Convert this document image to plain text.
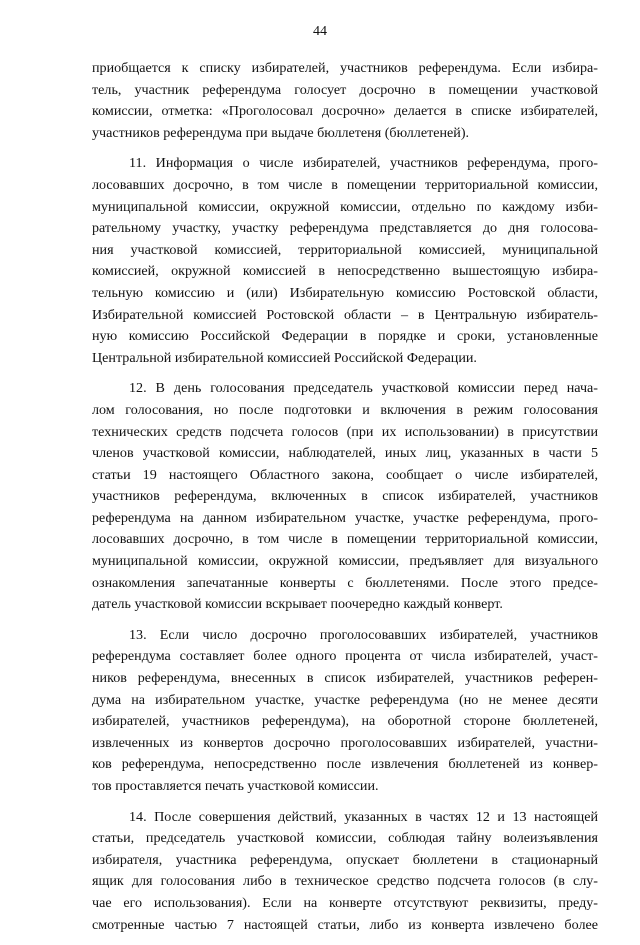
44

приобщается к списку избирателей, участников референдума. Если избира-
тель, участник референдума голосует досрочно в помещении участковой
комиссии, отметка: «Проголосовал досрочно» делается в списке избирателей,
участников референдума при выдаче бюллетеня (бюллетеней).

11. Информация о числе избирателей, участников референдума, прого-
лосовавших досрочно, в том числе в помещении территориальной комиссии,
муниципальной комиссии, окружной комиссии, отдельно по каждому изби-
рательному участку, участку референдума представляется до дня голосова-
ния участковой комиссией, территориальной комиссией, муниципальной
комиссией, окружной комиссией в непосредственно вышестоящую избира-
тельную комиссию и (или) Избирательную комиссию Ростовской области,
Избирательной комиссией Ростовской области – в Центральную избиратель-
ную комиссию Российской Федерации в порядке и сроки, установленные
Центральной избирательной комиссией Российской Федерации.

12. В день голосования председатель участковой комиссии перед нача-
лом голосования, но после подготовки и включения в режим голосования
технических средств подсчета голосов (при их использовании) в присутствии
членов участковой комиссии, наблюдателей, иных лиц, указанных в части 5
статьи 19 настоящего Областного закона, сообщает о числе избирателей,
участников референдума, включенных в список избирателей, участников
референдума на данном избирательном участке, участке референдума, прого-
лосовавших досрочно, в том числе в помещении территориальной комиссии,
муниципальной комиссии, окружной комиссии, предъявляет для визуального
ознакомления запечатанные конверты с бюллетенями. После этого предсе-
датель участковой комиссии вскрывает поочередно каждый конверт.

13. Если число досрочно проголосовавших избирателей, участников
референдума составляет более одного процента от числа избирателей, участ-
ников референдума, внесенных в список избирателей, участников референ-
дума на избирательном участке, участке референдума (но не менее десяти
избирателей, участников референдума), на оборотной стороне бюллетеней,
извлеченных из конвертов досрочно проголосовавших избирателей, участни-
ков референдума, непосредственно после извлечения бюллетеней из конвер-
тов проставляется печать участковой комиссии.

14. После совершения действий, указанных в частях 12 и 13 настоящей
статьи, председатель участковой комиссии, соблюдая тайну волеизъявления
избирателя, участника референдума, опускает бюллетени в стационарный
ящик для голосования либо в техническое средство подсчета голосов (в слу-
чае его использования). Если на конверте отсутствуют реквизиты, преду-
смотренные частью 7 настоящей статьи, либо из конверта извлечено более
